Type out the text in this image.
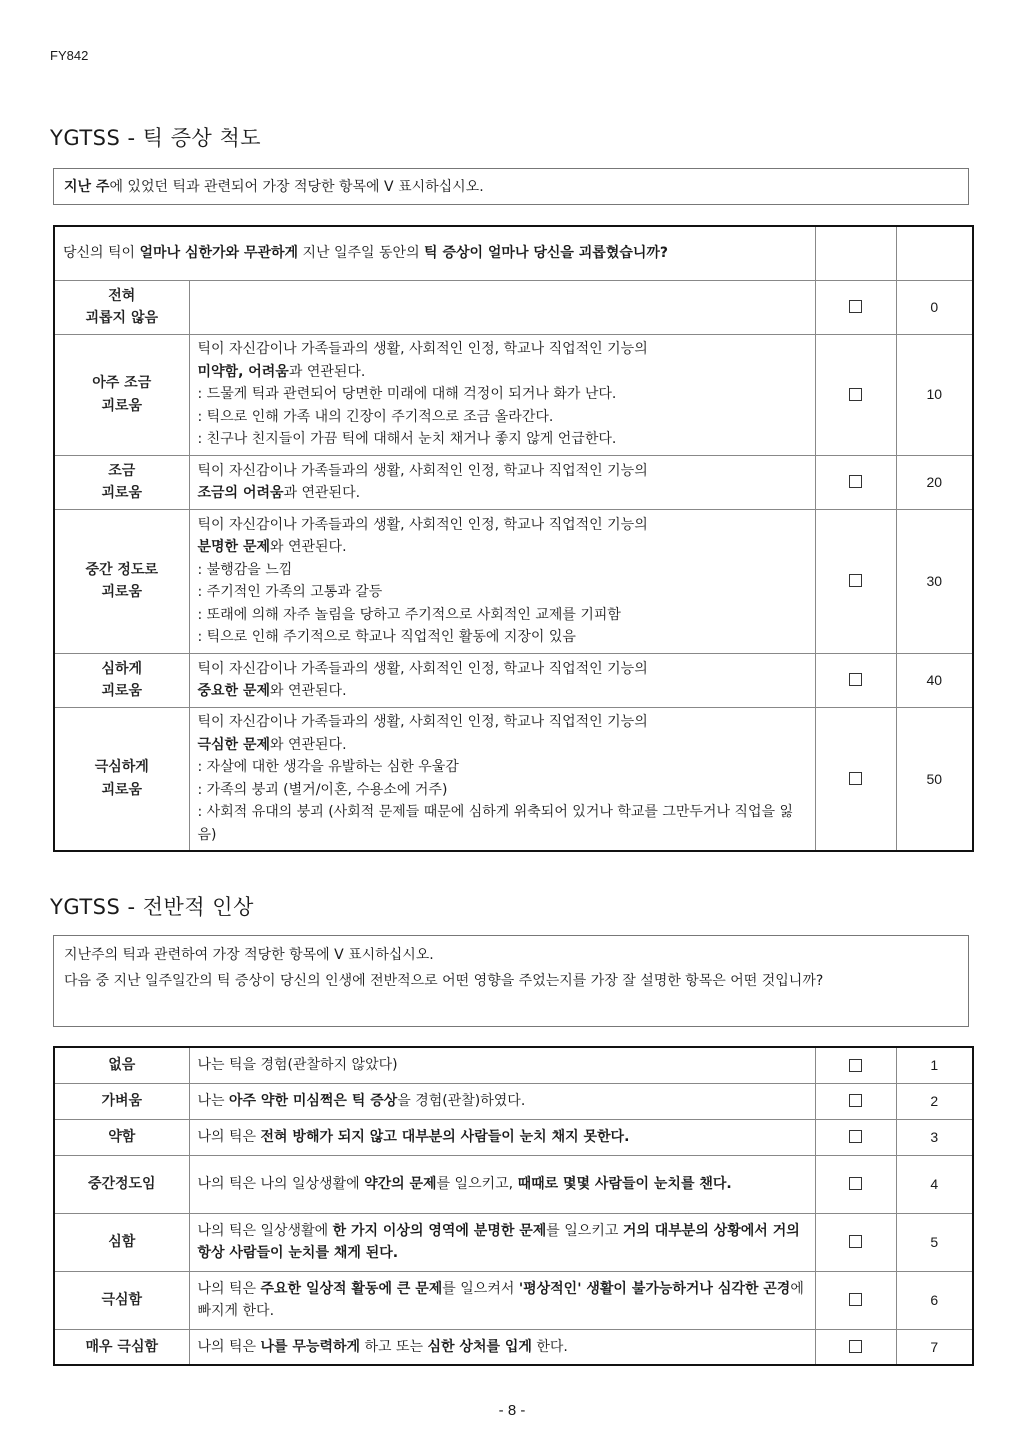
FY842
YGTSS - 틱 증상 척도
지난 주에 있었던 틱과 관련되어 가장 적당한 항목에 V 표시하십시오.
당신의 틱이 얼마나 심한가와 무관하게 지난 일주일 동안의 틱 증상이 얼마나 당신을 괴롭혔습니까?			

전혀
괴롭지 않음			0

아주 조금
괴로움	틱이 자신감이나 가족들과의 생활, 사회적인 인정, 학교나 직업적인 기능의
미약함, 어려움과 연관된다.
: 드물게 틱과 관련되어 당면한 미래에 대해 걱정이 되거나 화가 난다.
: 틱으로 인해 가족 내의 긴장이 주기적으로 조금 올라간다.
: 친구나 친지들이 가끔 틱에 대해서 눈치 채거나 좋지 않게 언급한다.		10

조금
괴로움	틱이 자신감이나 가족들과의 생활, 사회적인 인정, 학교나 직업적인 기능의
조금의 어려움과 연관된다.		20

중간 정도로
괴로움

틱이 자신감이나 가족들과의 생활, 사회적인 인정, 학교나 직업적인 기능의
분명한 문제와 연관된다.
: 불행감을 느낌
: 주기적인 가족의 고통과 갈등
: 또래에 의해 자주 놀림을 당하고 주기적으로 사회적인 교제를 기피함
: 틱으로 인해 주기적으로 학교나 직업적인 활동에 지장이 있음
		30

심하게
괴로움	틱이 자신감이나 가족들과의 생활, 사회적인 인정, 학교나 직업적인 기능의
중요한 문제와 연관된다.		40

극심하게
괴로움	틱이 자신감이나 가족들과의 생활, 사회적인 인정, 학교나 직업적인 기능의
극심한 문제와 연관된다.
: 자살에 대한 생각을 유발하는 심한 우울감
: 가족의 붕괴 (별거/이혼, 수용소에 거주)
: 사회적 유대의 붕괴 (사회적 문제들 때문에 심하게 위축되어 있거나 학교를 그만두거나 직업을 잃음)		50
YGTSS - 전반적 인상
지난주의 틱과 관련하여 가장 적당한 항목에 V 표시하십시오.
다음 중 지난 일주일간의 틱 증상이 당신의 인생에 전반적으로 어떤 영향을 주었는지를 가장 잘 설명한 항목은 어떤 것입니까?
없음	나는 틱을 경험(관찰하지 않았다)		1
가벼움	나는 아주 약한 미심쩍은 틱 증상을 경험(관찰)하였다.		2
약함	나의 틱은 전혀 방해가 되지 않고 대부분의 사람들이 눈치 채지 못한다.		3
중간정도임	나의 틱은 나의 일상생활에 약간의 문제를 일으키고, 때때로 몇몇 사람들이 눈치를 챈다.		4
심함	나의 틱은 일상생활에 한 가지 이상의 영역에 분명한 문제를 일으키고 거의 대부분의 상황에서 거의 항상 사람들이 눈치를 채게 된다.		5
극심함	나의 틱은 주요한 일상적 활동에 큰 문제를 일으켜서 '평상적인' 생활이 불가능하거나 심각한 곤경에 빠지게 한다.		6
매우 극심함	나의 틱은 나를 무능력하게 하고 또는 심한 상처를 입게 한다.		7
- 8 -
